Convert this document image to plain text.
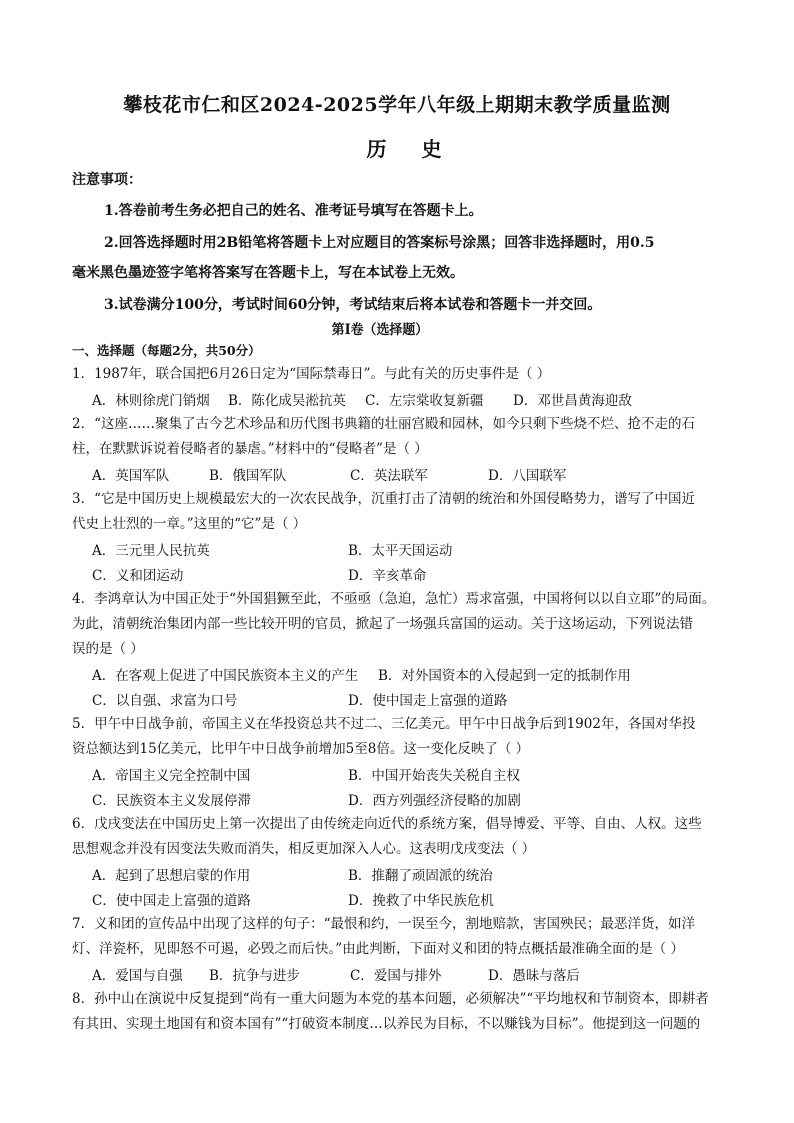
攀枝花市仁和区2024-2025学年八年级上期期末教学质量监测
历 史
注意事项：
1.答卷前考生务必把自己的姓名、准考证号填写在答题卡上。
2.回答选择题时用2B铅笔将答题卡上对应题目的答案标号涂黑；回答非选择题时，用0.5
毫米黑色墨迹签字笔将答案写在答题卡上，写在本试卷上无效。
3.试卷满分100分，考试时间60分钟，考试结束后将本试卷和答题卡一并交回。
第Ⅰ卷（选择题）
一、选择题（每题2分，共50分）
1．1987年，联合国把6月26日定为“国际禁毒日”。与此有关的历史事件是（ ）
A．林则徐虎门销烟 B．陈化成吴淞抗英 C．左宗棠收复新疆 D．邓世昌黄海迎敌
2．“这座……聚集了古今艺术珍品和历代图书典籍的壮丽宫殿和园林，如今只剩下些烧不烂、抢不走的石
柱，在默默诉说着侵略者的暴虐。”材料中的“侵略者”是（ ）
A．英国军队	B．俄国军队	C．英法联军	D．八国联军
3．“它是中国历史上规模最宏大的一次农民战争，沉重打击了清朝的统治和外国侵略势力，谱写了中国近
代史上壮烈的一章。”这里的“它”是（ ）
A．三元里人民抗英	B．太平天国运动
C．义和团运动	D．辛亥革命
4．李鸿章认为中国正处于“外国猖獗至此，不亟亟（急迫，急忙）焉求富强，中国将何以以自立耶”的局面。
为此，清朝统治集团内部一些比较开明的官员，掀起了一场强兵富国的运动。关于这场运动，下列说法错
误的是（ ）
A．在客观上促进了中国民族资本主义的产生 B．对外国资本的入侵起到一定的抵制作用
C．以自强、求富为口号	D．使中国走上富强的道路
5．甲午中日战争前，帝国主义在华投资总共不过二、三亿美元。甲午中日战争后到1902年，各国对华投
资总额达到15亿美元，比甲午中日战争前增加5至8倍。这一变化反映了（ ）
A．帝国主义完全控制中国	B．中国开始丧失关税自主权
C．民族资本主义发展停滞	D．西方列强经济侵略的加剧
6．戊戌变法在中国历史上第一次提出了由传统走向近代的系统方案，倡导博爱、平等、自由、人权。这些
思想观念并没有因变法失败而消失，相反更加深入人心。这表明戊戌变法（ ）
A．起到了思想启蒙的作用	B．推翻了顽固派的统治
C．使中国走上富强的道路	D．挽救了中华民族危机
7．义和团的宣传品中出现了这样的句子：“最恨和约，一误至今，割地赔款，害国殃民；最恶洋货，如洋
灯、洋瓷杯，见即怒不可遏，必毁之而后快。”由此判断，下面对义和团的特点概括最准确全面的是（ ）
A．爱国与自强 B．抗争与进步	C．爱国与排外	D．愚昧与落后
8．孙中山在演说中反复提到“尚有一重大问题为本党的基本问题，必须解决”“平均地权和节制资本，即耕者
有其田、实现土地国有和资本国有”“打破资本制度…以养民为目标，不以赚钱为目标”。他提到这一问题的
